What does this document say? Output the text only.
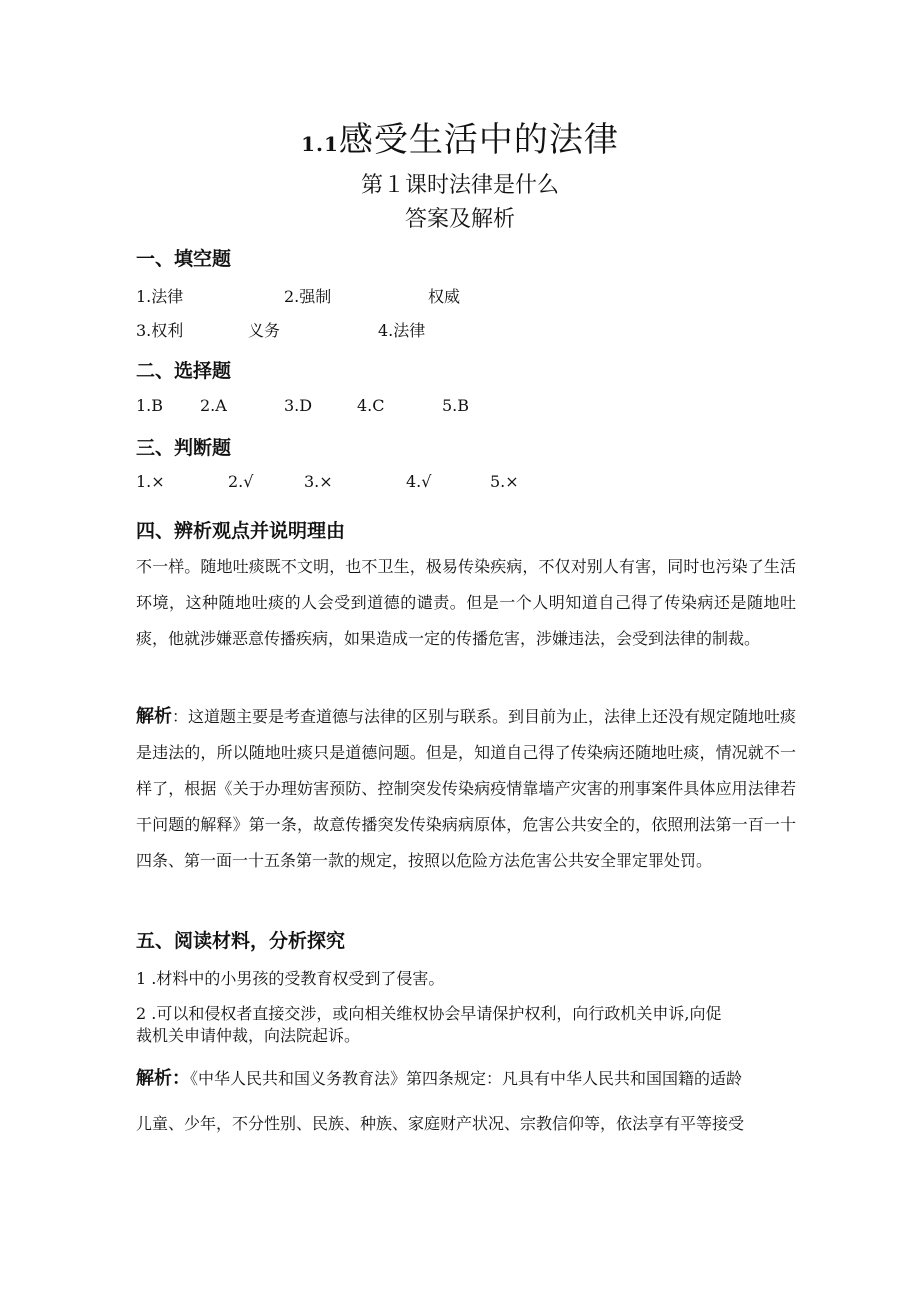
1.1感受生活中的法律
第１课时法律是什么
答案及解析
一、填空题
1.法律	2.强制	权威
3.权利	义务	4.法律
二、选择题
1.B 2.A	3.D	4.C	5.B
三、判断题
1.×	2.√	3.×	4.√	5.×
四、辨析观点并说明理由
不一样。随地吐痰既不文明，也不卫生，极易传染疾病，不仅对别人有害，同时也污染了生活环境，这种随地吐痰的人会受到道德的谴责。但是一个人明知道自己得了传染病还是随地吐痰，他就涉嫌恶意传播疾病，如果造成一定的传播危害，涉嫌违法，会受到法律的制裁。
解析：这道题主要是考查道德与法律的区别与联系。到目前为止，法律上还没有规定随地吐痰是违法的，所以随地吐痰只是道德问题。但是，知道自己得了传染病还随地吐痰，情况就不一样了，根据《关于办理妨害预防、控制突发传染病疫情靠墙产灾害的刑事案件具体应用法律若干问题的解释》第一条，故意传播突发传染病病原体，危害公共安全的，依照刑法第一百一十四条、第一面一十五条第一款的规定，按照以危险方法危害公共安全罪定罪处罚。
五、阅读材料，分析探究
1 .材料中的小男孩的受教育权受到了侵害。
2 .可以和侵权者直接交涉，或向相关维权协会早请保护权利，向行政机关申诉,向促
裁机关申请仲裁，向法院起诉。
解析：《中华人民共和国义务教育法》第四条规定：凡具有中华人民共和国国籍的适龄
儿童、少年，不分性别、民族、种族、家庭财产状况、宗教信仰等，依法享有平等接受
